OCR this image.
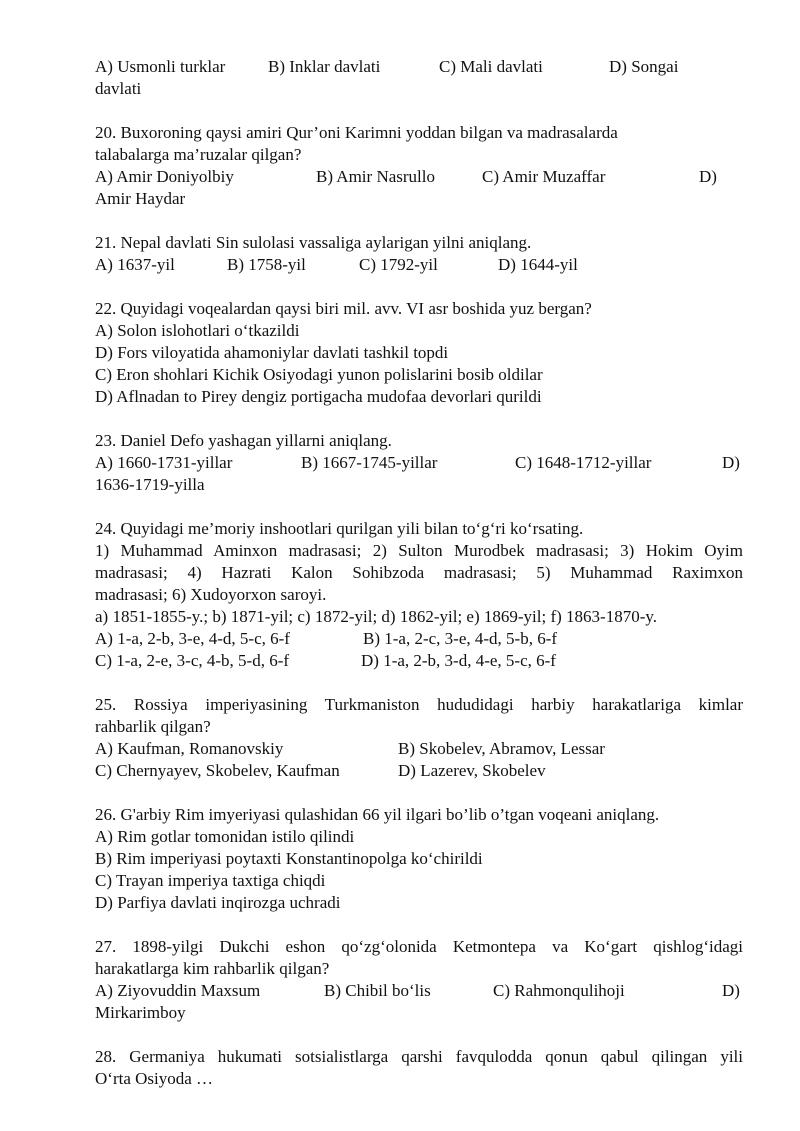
A) Usmonli turklar	B) Inklar davlati	C) Mali davlati	D) Songai
davlati
20. Buxoroning qaysi amiri Qur’oni Karimni yoddan bilgan va madrasalarda
talabalarga ma’ruzalar qilgan?
A) Amir Doniyolbiy	B) Amir Nasrullo	C) Amir Muzaffar	D)
Amir Haydar
21. Nepal davlati Sin sulolasi vassaliga aylarigan yilni aniqlang.
A) 1637-yil	B) 1758-yil	C) 1792-yil	D) 1644-yil
22. Quyidagi voqealardan qaysi biri mil. avv. VI asr boshida yuz bergan?
A) Solon islohotlari o‘tkazildi
D) Fors viloyatida ahamoniylar davlati tashkil topdi
C) Eron shohlari Kichik Osiyodagi yunon polislarini bosib oldilar
D) Aflnadan to Pirey dengiz portigacha mudofaa devorlari qurildi
23. Daniel Defo yashagan yillarni aniqlang.
A) 1660-1731-yillar	B) 1667-1745-yillar	C) 1648-1712-yillar	D)
1636-1719-yilla
24. Quyidagi me’moriy inshootlari qurilgan yili bilan to‘g‘ri ko‘rsating.
1) Muhammad Aminxon madrasasi; 2) Sulton Murodbek madrasasi; 3) Hokim Oyim
madrasasi; 4) Hazrati Kalon Sohibzoda madrasasi; 5) Muhammad Raximxon
madrasasi; 6) Xudoyorxon saroyi.
a) 1851-1855-y.; b) 1871-yil; c) 1872-yil; d) 1862-yil; e) 1869-yil; f) 1863-1870-y.
A) 1-a, 2-b, 3-e, 4-d, 5-c, 6-f	B) 1-a, 2-c, 3-e, 4-d, 5-b, 6-f
C) 1-a, 2-e, 3-c, 4-b, 5-d, 6-f	D) 1-a, 2-b, 3-d, 4-e, 5-c, 6-f
25. Rossiya imperiyasining Turkmaniston hududidagi harbiy harakatlariga kimlar
rahbarlik qilgan?
A) Kaufman, Romanovskiy	B) Skobelev, Abramov, Lessar
C) Chernyayev, Skobelev, Kaufman	D) Lazerev, Skobelev
26. G'arbiy Rim imyeriyasi qulashidan 66 yil ilgari bo’lib o’tgan voqeani aniqlang.
A) Rim gotlar tomonidan istilo qilindi
B) Rim imperiyasi poytaxti Konstantinopolga ko‘chirildi
C) Trayan imperiya taxtiga chiqdi
D) Parfiya davlati inqirozga uchradi
27. 1898-yilgi Dukchi eshon qo‘zg‘olonida Ketmontepa va Ko‘gart qishlog‘idagi
harakatlarga kim rahbarlik qilgan?
A) Ziyovuddin Maxsum	B) Chibil bo‘lis	C) Rahmonqulihoji	D)
Mirkarimboy
28. Germaniya hukumati sotsialistlarga qarshi favqulodda qonun qabul qilingan yili
O‘rta Osiyoda …
